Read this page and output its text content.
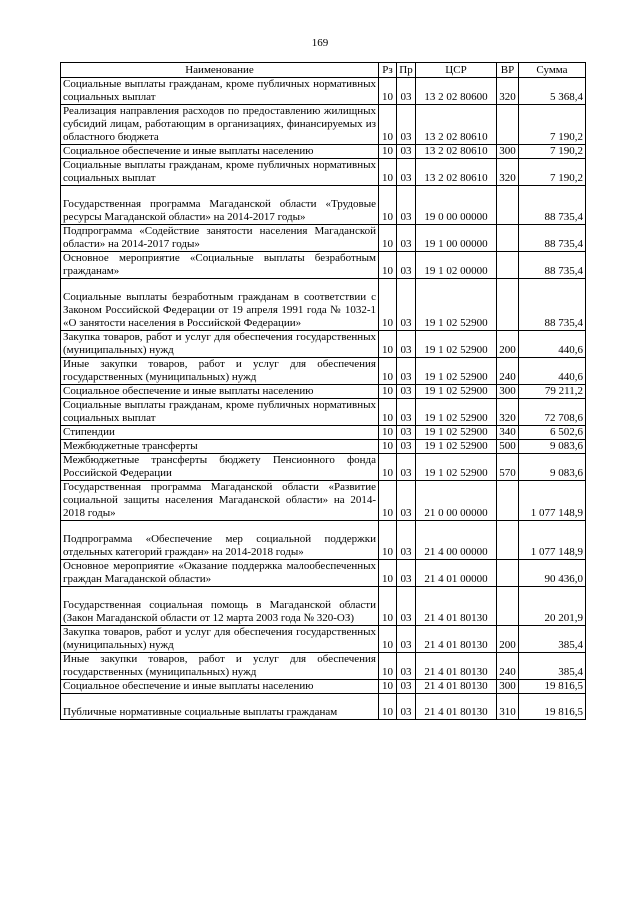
169
Наименование	Рз	Пр	ЦСР	ВР	Сумма
Социальные выплаты гражданам, кроме публичных нормативных социальных выплат	10	03	13 2 02 80600	320	5 368,4
Реализация направления расходов по предоставлению жилищных субсидий лицам, работающим в организациях, финансируемых из областного бюджета	10	03	13 2 02 80610		7 190,2
Социальное обеспечение и иные выплаты населению	10	03	13 2 02 80610	300	7 190,2
Социальные выплаты гражданам, кроме публичных нормативных социальных выплат	10	03	13 2 02 80610	320	7 190,2
Государственная программа Магаданской области «Трудовые ресурсы Магаданской области» на 2014-2017 годы»	10	03	19 0 00 00000		88 735,4
Подпрограмма «Содействие занятости населения Магаданской области» на 2014-2017 годы»	10	03	19 1 00 00000		88 735,4
Основное мероприятие «Социальные выплаты безработным гражданам»	10	03	19 1 02 00000		88 735,4
Социальные выплаты безработным гражданам в соответствии с Законом Российской Федерации от 19 апреля 1991 года № 1032-1 «О занятости населения в Российской Федерации»	10	03	19 1 02 52900		88 735,4
Закупка товаров, работ и услуг для обеспечения государственных (муниципальных) нужд	10	03	19 1 02 52900	200	440,6
Иные закупки товаров, работ и услуг для обеспечения государственных (муниципальных) нужд	10	03	19 1 02 52900	240	440,6
Социальное обеспечение и иные выплаты населению	10	03	19 1 02 52900	300	79 211,2
Социальные выплаты гражданам, кроме публичных нормативных социальных выплат	10	03	19 1 02 52900	320	72 708,6
Стипендии	10	03	19 1 02 52900	340	6 502,6
Межбюджетные трансферты	10	03	19 1 02 52900	500	9 083,6
Межбюджетные трансферты бюджету Пенсионного фонда Российской Федерации	10	03	19 1 02 52900	570	9 083,6
Государственная программа Магаданской области «Развитие социальной защиты населения Магаданской области» на 2014-2018 годы»	10	03	21 0 00 00000		1 077 148,9
Подпрограмма «Обеспечение мер социальной поддержки отдельных категорий граждан» на 2014-2018 годы»	10	03	21 4 00 00000		1 077 148,9
Основное мероприятие «Оказание поддержка малообеспеченных граждан Магаданской области»	10	03	21 4 01 00000		90 436,0
Государственная социальная помощь в Магаданской области (Закон Магаданской области от 12 марта 2003 года № 320-ОЗ)	10	03	21 4 01 80130		20 201,9
Закупка товаров, работ и услуг для обеспечения государственных (муниципальных) нужд	10	03	21 4 01 80130	200	385,4
Иные закупки товаров, работ и услуг для обеспечения государственных (муниципальных) нужд	10	03	21 4 01 80130	240	385,4
Социальное обеспечение и иные выплаты населению	10	03	21 4 01 80130	300	19 816,5
Публичные нормативные социальные выплаты гражданам	10	03	21 4 01 80130	310	19 816,5
